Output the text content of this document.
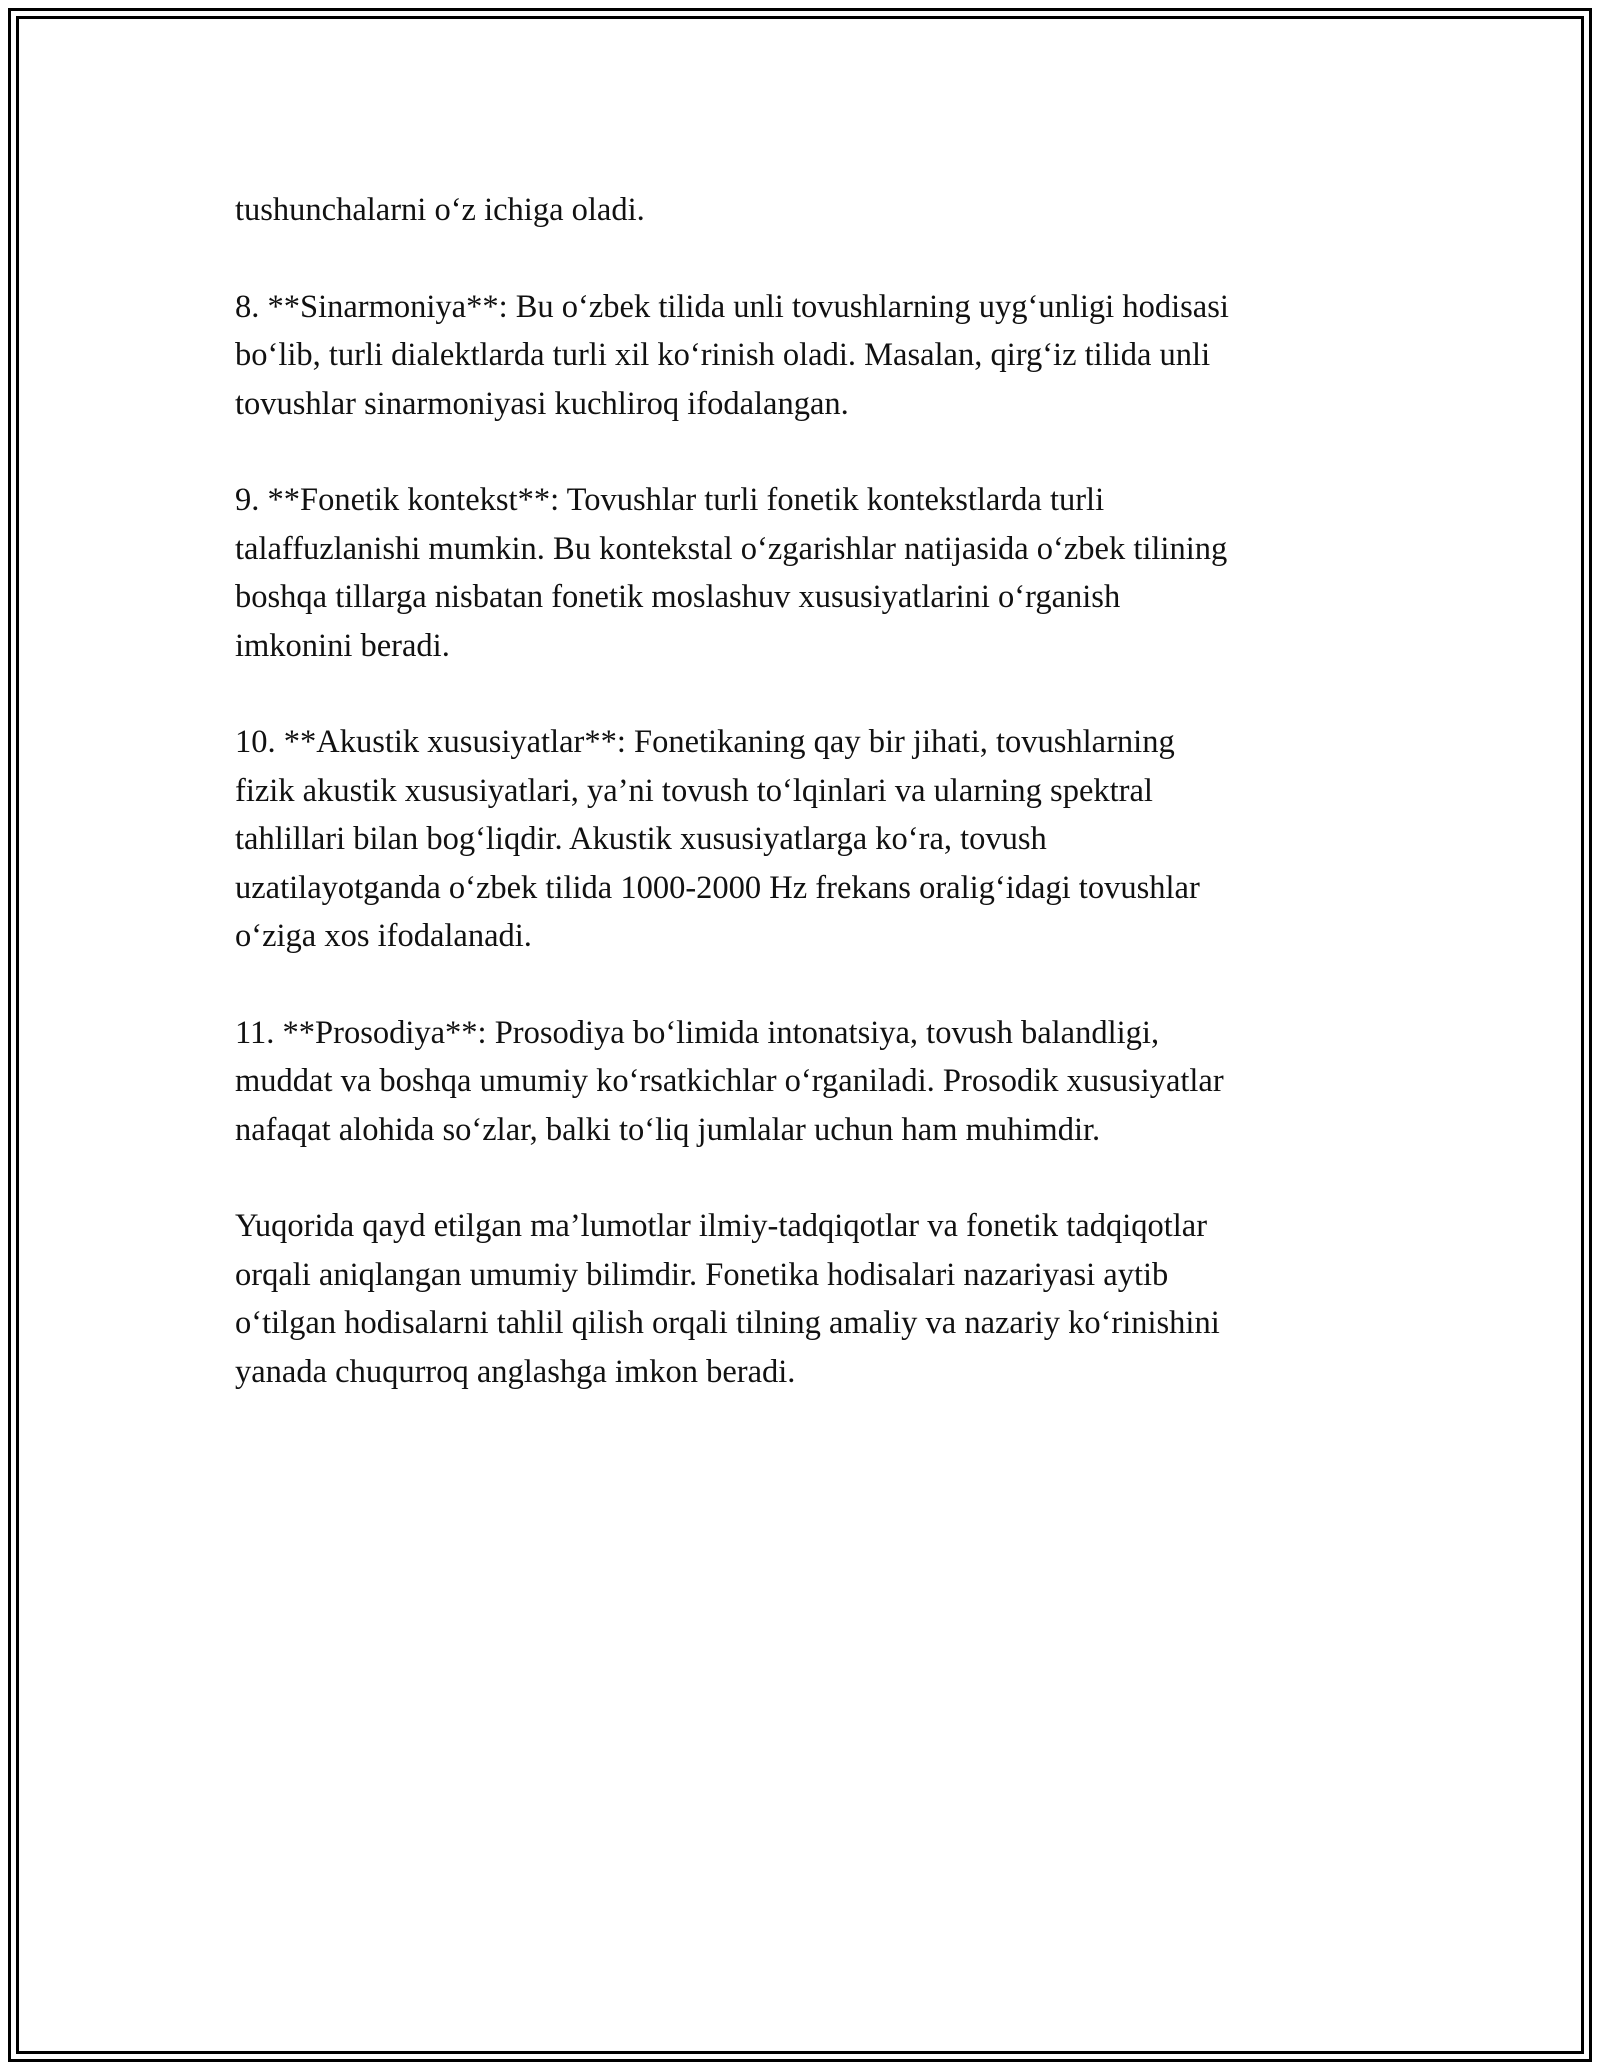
tushunchalarni o‘z ichiga oladi.

8. **Sinarmoniya**: Bu o‘zbek tilida unli tovushlarning uyg‘unligi hodisasi
bo‘lib, turli dialektlarda turli xil ko‘rinish oladi. Masalan, qirg‘iz tilida unli
tovushlar sinarmoniyasi kuchliroq ifodalangan.

9. **Fonetik kontekst**: Tovushlar turli fonetik kontekstlarda turli
talaffuzlanishi mumkin. Bu kontekstal o‘zgarishlar natijasida o‘zbek tilining
boshqa tillarga nisbatan fonetik moslashuv xususiyatlarini o‘rganish
imkonini beradi.

10. **Akustik xususiyatlar**: Fonetikaning qay bir jihati, tovushlarning
fizik akustik xususiyatlari, ya’ni tovush to‘lqinlari va ularning spektral
tahlillari bilan bog‘liqdir. Akustik xususiyatlarga ko‘ra, tovush
uzatilayotganda o‘zbek tilida 1000-2000 Hz frekans oralig‘idagi tovushlar
o‘ziga xos ifodalanadi.

11. **Prosodiya**: Prosodiya bo‘limida intonatsiya, tovush balandligi,
muddat va boshqa umumiy ko‘rsatkichlar o‘rganiladi. Prosodik xususiyatlar
nafaqat alohida so‘zlar, balki to‘liq jumlalar uchun ham muhimdir.

Yuqorida qayd etilgan ma’lumotlar ilmiy-tadqiqotlar va fonetik tadqiqotlar
orqali aniqlangan umumiy bilimdir. Fonetika hodisalari nazariyasi aytib
o‘tilgan hodisalarni tahlil qilish orqali tilning amaliy va nazariy ko‘rinishini
yanada chuqurroq anglashga imkon beradi.
